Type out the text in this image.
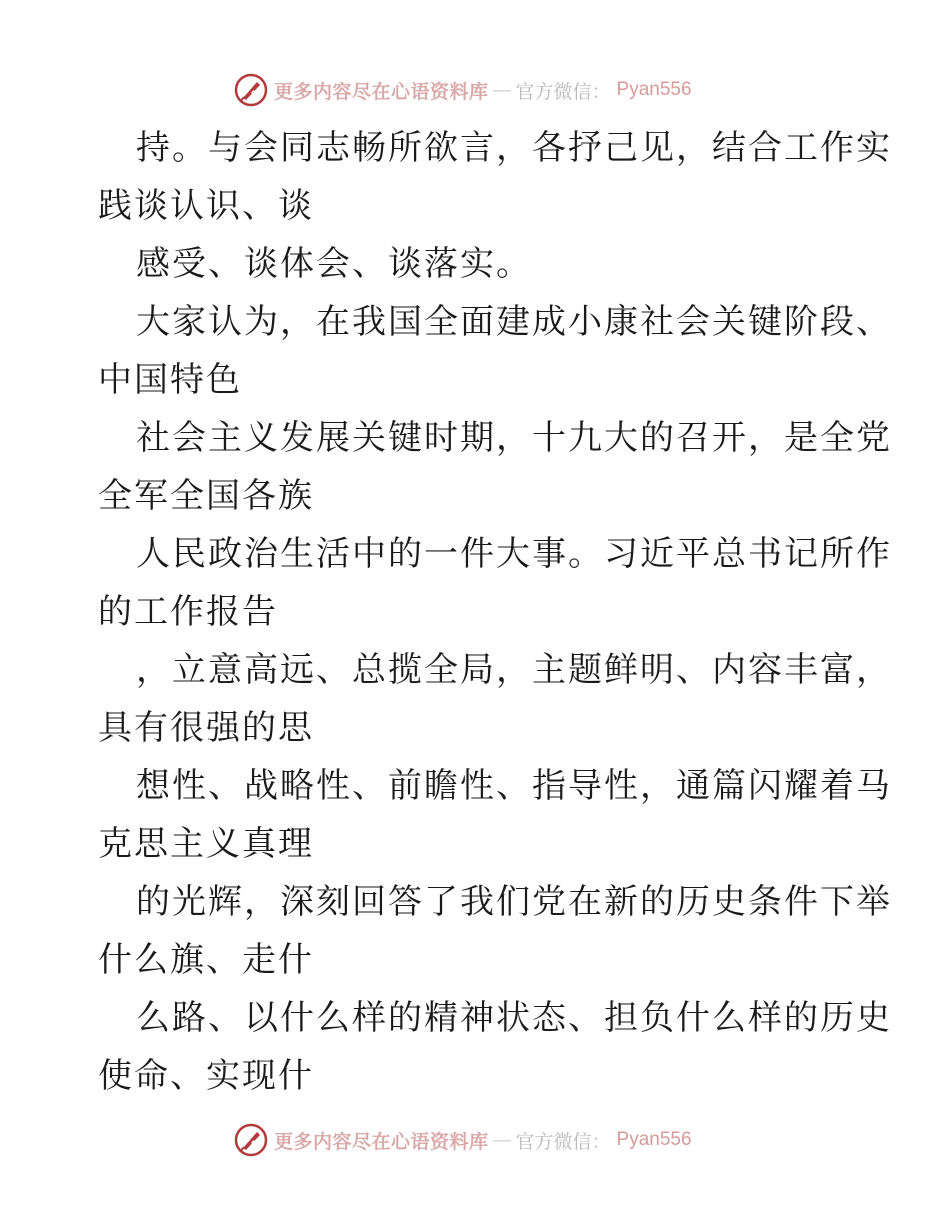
更多内容尽在心语资料库 — 官方微信： Pyan556
持。与会同志畅所欲言，各抒己见，结合工作实
践谈认识、谈
感受、谈体会、谈落实。
大家认为，在我国全面建成小康社会关键阶段、
中国特色
社会主义发展关键时期，十九大的召开，是全党
全军全国各族
人民政治生活中的一件大事。习近平总书记所作
的工作报告
，立意高远、总揽全局，主题鲜明、内容丰富，
具有很强的思
想性、战略性、前瞻性、指导性，通篇闪耀着马
克思主义真理
的光辉，深刻回答了我们党在新的历史条件下举
什么旗、走什
么路、以什么样的精神状态、担负什么样的历史
使命、实现什
更多内容尽在心语资料库 — 官方微信： Pyan556
